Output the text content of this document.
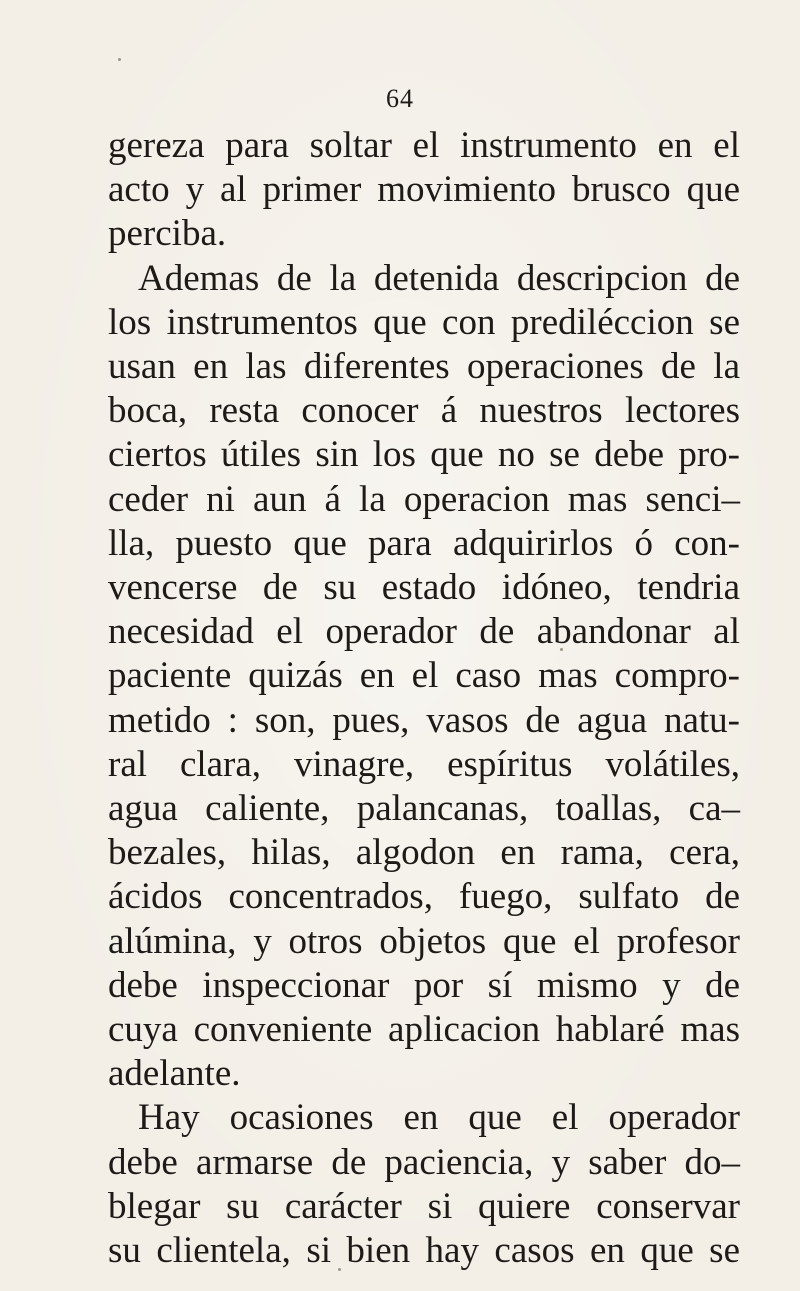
64
gereza para soltar el instrumento en el
acto y al primer movimiento brusco que
perciba.
Ademas de la detenida descripcion de
los instrumentos que con prediléccion se
usan en las diferentes operaciones de la
boca, resta conocer á nuestros lectores
ciertos útiles sin los que no se debe pro-
ceder ni aun á la operacion mas senci–
lla, puesto que para adquirirlos ó con-
vencerse de su estado idóneo, tendria
necesidad el operador de abandonar al
paciente quizás en el caso mas compro-
metido : son, pues, vasos de agua natu-
ral clara, vinagre, espíritus volátiles,
agua caliente, palancanas, toallas, ca–
bezales, hilas, algodon en rama, cera,
ácidos concentrados, fuego, sulfato de
alúmina, y otros objetos que el profesor
debe inspeccionar por sí mismo y de
cuya conveniente aplicacion hablaré mas
adelante.
Hay ocasiones en que el operador
debe armarse de paciencia, y saber do–
blegar su carácter si quiere conservar
su clientela, si bien hay casos en que se
